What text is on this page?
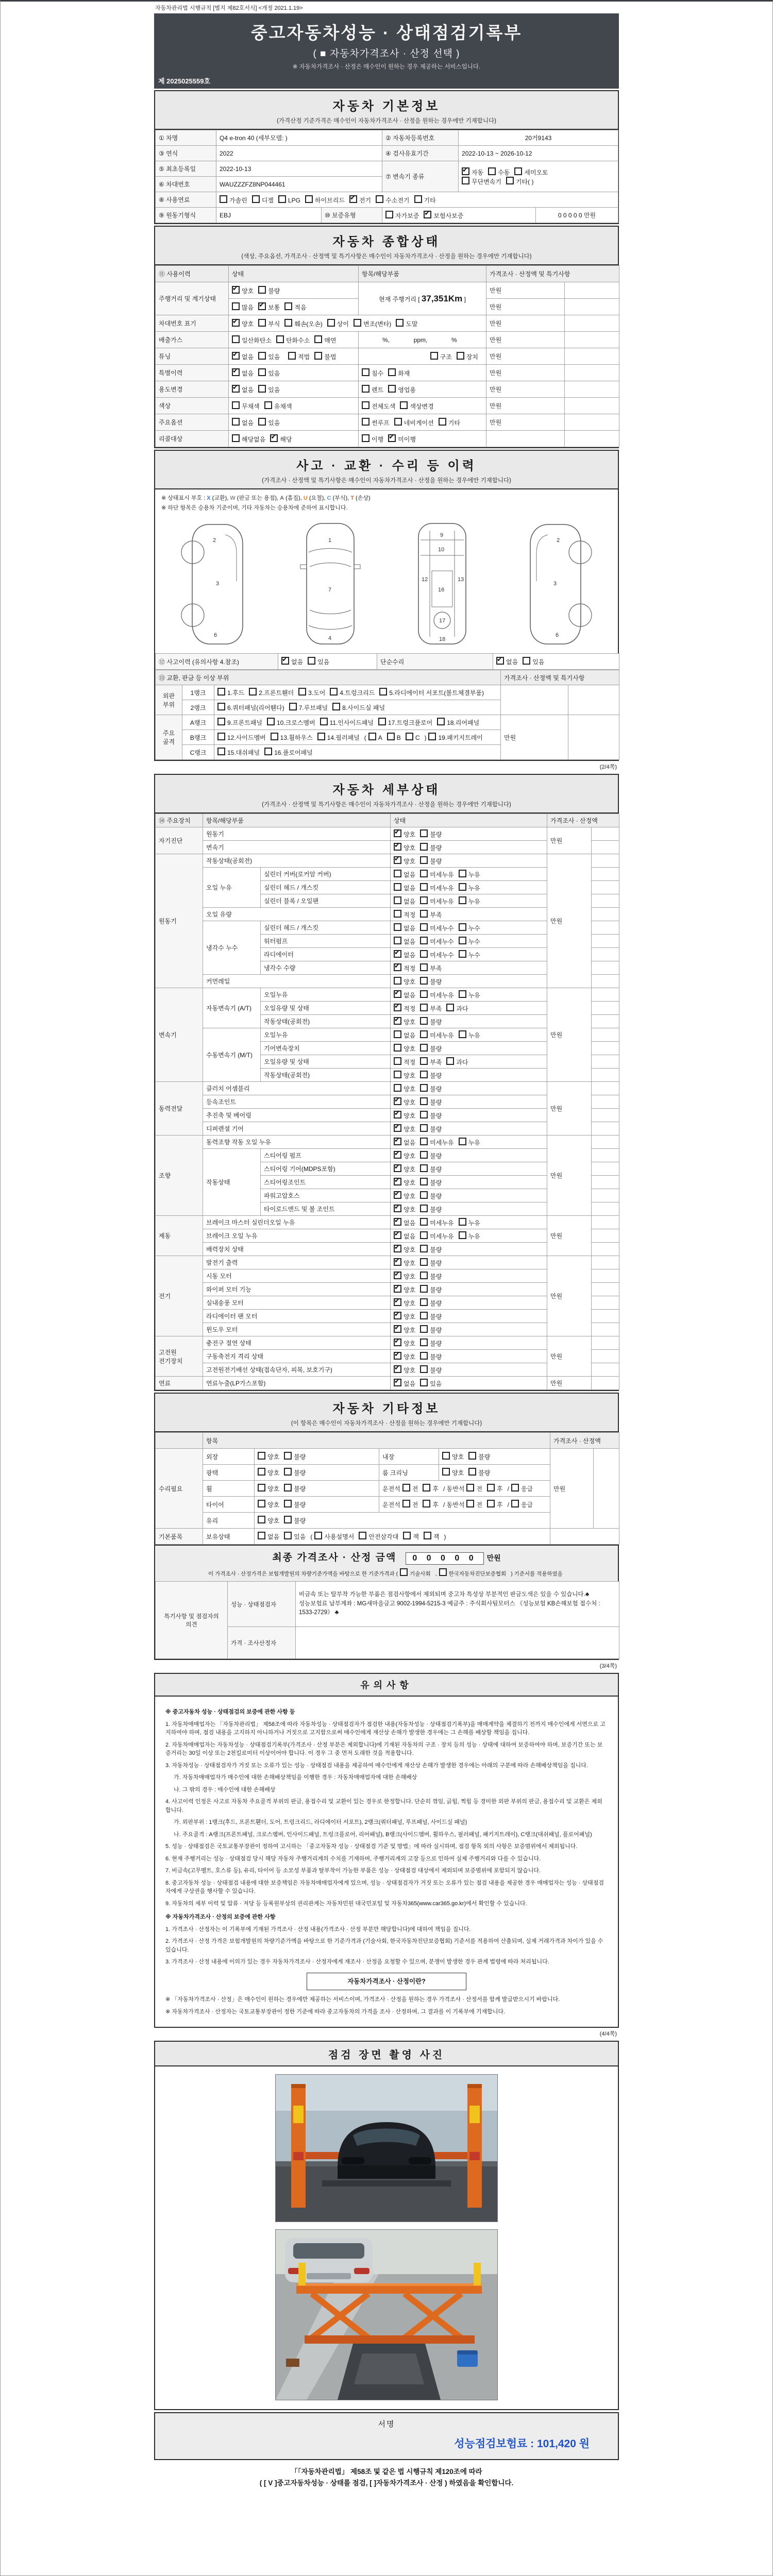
자동차관리법 시행규칙 [별지 제82호서식] <개정 2021.1.19>
중고자동차성능 · 상태점검기록부
( ■ 자동차가격조사 · 산정 선택 )
※ 자동차가격조사 · 산정은 매수인이 원하는 경우 제공하는 서비스입니다.
제 2025025559호
자동차 기본정보
(가격산정 기준가격은 매수인이 자동차가격조사 · 산정을 원하는 경우에만 기재합니다)
① 차명	Q4 e-tron 40 (세부모델: )		② 자동차등록번호	20거9143	
③ 연식	2022		④ 검사유효기간	2022-10-13 ~ 2026-10-12	
⑤ 최초등록일	2022-10-13		⑦ 변속기 종류	
✔자동 수동 세미오토
무단변속기 기타( )

⑥ 차대번호	WAUZZZFZ8NP044461				
⑧ 사용연료	가솔린 디젤 LPG 하이브리드 ✔ 전기 수소전기 기타
⑨ 원동기형식	EBJ	⑩ 보증유형	자가보증 ✔ 보험사보증		0 0 0 0 0 만원
자동차 종합상태
(색상, 주요옵션, 가격조사 · 산정액 및 특기사항은 매수인이 자동차가격조사 · 산정을 원하는 경우에만 기재합니다)
⑪ 사용이력	상태	항목/해당부품	가격조사 · 산정액 및 특기사항	
주행거리 및 계기상태	✔양호 불량	현재 주행거리 [ 37,351Km ]	만원	
	많음 ✔ 보통 적음		만원	
차대번호 표기	✔양호 부식 훼손(오손) 상이 변조(변타) 도말		만원	
배출가스	일산화탄소 탄화수소 매연	%,              ppm,              %	만원	
튜닝	✔없음 있음 적법 불법	구조 장치	만원	
특별이력	✔없음 있음	침수 화재	만원	
용도변경	✔없음 있음	렌트 영업용	만원	
색상	무채색 유채색	전체도색 색상변경	만원	
주요옵션	없음 있음	썬루프 네비게이션 기타	만원	
리콜대상	해당없음 ✔ 해당	이행 ✔ 미이행		
사고 · 교환 · 수리 등 이력
(가격조사 · 산정액 및 특기사항은 매수인이 자동차가격조사 · 산정을 원하는 경우에만 기재합니다)
※ 상태표시 부호 : X (교환), W (판금 또는 용접), A (흠집), U (요철), C (부식), T (손상)
※ 하단 항목은 승용차 기준이며, 기타 자동차는 승용차에 준하여 표시합니다.
2
3
6
1
7
4
9
10
12	13
16
17
18
2
3
6
⑫ 사고이력 (유의사항 4.참조)	✔없음 있음	단순수리	✔없음 있음
⑬ 교환, 판금 등 이상 부위			가격조사 · 산정액 및 특기사항	
외판 부위	1랭크	1.후드 2.프론트휀더 3.도어 4.트렁크리드 5.라디에이터 서포트(볼트체결부품)		
	2랭크	6.쿼터패널(리어휀다) 7.루브패널 8.사이드실 패널		
주요 골격	A랭크	9.프론트패널 10.크로스멤버 11.인사이드패널 17.트렁크플로어 18.리어패널	만원	
	B랭크	12.사이드멤버 13.휠하우스 14.필러패널 ( A B C ) 19.패키지트레이		
	C랭크	15.대쉬패널 16.플로어패널		
(2/4쪽)
자동차 세부상태
(가격조사 · 산정액 및 특기사항은 매수인이 자동차가격조사 · 산정을 원하는 경우에만 기재합니다)
⑭ 주요장치	항목/해당부품		상태	가격조사 · 산정액	
자기진단	원동기	✔양호 불량	만원	
	변속기	✔양호 불량	
원동기	작동상태(공회전)	✔양호 불량	만원	
	오일 누유	실린더 커버(로커암 커버)	없음 미세누유 누유		
		실린더 헤드 / 개스킷	없음 미세누유 누유		
		실린더 블록 / 오일팬	없음 미세누유 누유		
	오일 유량		적정 부족		
	냉각수 누수	실린더 헤드 / 개스킷	없음 미세누수 누수		
		워터펌프	없음 미세누수 누수		
		라디에이터	✔없음 미세누수 누수	
		냉각수 수량	✔적정 부족	
	커먼레일		양호 불량		
변속기	자동변속기 (A/T)	오일누유	✔없음 미세누유 누유	만원	
		오일유량 및 상태	✔적정 부족 과다	
		작동상태(공회전)	✔양호 불량	
	수동변속기 (M/T)	오일누유	없음 미세누유 누유		
		기어변속장치	양호 불량		
		오일유량 및 상태	적정 부족 과다		
		작동상태(공회전)	양호 불량		
동력전달	클러치 어셈블리		양호 불량	만원	
	등속조인트	✔양호 불량	
	추진축 및 베어링	✔양호 불량	
	디퍼렌셜 기어	✔양호 불량	
조향	동력조향 작동 오일 누유	✔없음 미세누유 누유	만원	
	작동상태	스티어링 펌프	✔양호 불량	
		스티어링 기어(MDPS포함)	✔양호 불량	
		스티어링조인트	✔양호 불량	
		파워고압호스	✔양호 불량	
		타이로드엔드 및 볼 조인트	✔양호 불량	
제동	브레이크 마스터 실린더오일 누유	✔없음 미세누유 누유	만원	
	브레이크 오일 누유	✔없음 미세누유 누유	
	배력장치 상태	✔양호 불량	
전기	발전기 출력	✔양호 불량	만원	
	시동 모터	✔양호 불량	
	와이퍼 모터 기능	✔양호 불량	
	실내송풍 모터	✔양호 불량	
	라디에이터 팬 모터	✔양호 불량	
	윈도우 모터	✔양호 불량	
고전원 전기장치	충전구 절연 상태	✔양호 불량	만원	
	구동축전지 격리 상태	✔양호 불량	
	고전원전기배선 상태(접속단자, 피복, 보호기구)	✔양호 불량	
연료	연료누출(LP가스포함)	✔없음 있음	만원	
자동차 기타정보
(이 항목은 매수인이 자동차가격조사 · 산정을 원하는 경우에만 기재합니다)
	항목				가격조사 · 산정액	
수리필요	외장	양호 불량	내장	양호 불량	만원	
	광택	양호 불량	룸 크리닝	양호 불량		
	휠	양호 불량	운전석 전 후/ 동반석 전 후/ 응급			
	타이어	양호 불량	운전석 전 후/ 동반석 전 후/ 응급			
	유리	양호 불량				
기본품목	보유상태	없음 있음 ( 사용설명서 안전삼각대 잭 잭 )				
최종 가격조사 · 산정 금액 0 0 0 0 0 만원
이 가격조사 · 산정가격은 보험개발원의 차량기준가액을 바탕으로 한 기준가격과 ( 기술사회 ,한국자동차진단보증협회 ) 기준서를 적용하였음
특기사항 및 점검자의 의견	성능 · 상태점검자	비금속 또는 탈부착 가능한 부품은 점검사항에서 제외되며 중고차 특성상 부분적인 판금도색은 있을 수 있습니다.♣ 성능보험료 납부계좌 : MG새마을금고 9002-1994-5215-3 예금주 : 주식회사팀모터스 《성능보험 KB손해보험 접수처 : 1533-2729》 ♣
	가격 · 조사산정자	
(3/4쪽)
유의사항
※ 중고자동차 성능 · 상태점검의 보증에 관한 사항 등
1. 자동차매매업자는 「자동차관리법」 제58조에 따라 자동차성능 · 상태점검자가 점검한 내용(자동차성능 · 상태점검기록부)을 매매계약을 체결하기 전까지 매수인에게 서면으로 고지하여야 하며, 점검 내용을 고지하지 아니하거나 거짓으로 고지함으로써 매수인에게 재산상 손해가 발생한 경우에는 그 손해를 배상할 책임을 집니다.
2. 자동차매매업자는 자동차성능 · 상태점검기록부(가격조사 · 산정 부분은 제외합니다)에 기재된 자동차의 구조 · 장치 등의 성능 · 상태에 대하여 보증하여야 하며, 보증기간 또는 보증거리는 30일 이상 또는 2천킬로미터 이상이어야 합니다. 이 경우 그 중 먼저 도래한 것을 적용합니다.
3. 자동차성능 · 상태점검자가 거짓 또는 오류가 있는 성능 · 상태점검 내용을 제공하여 매수인에게 재산상 손해가 발생한 경우에는 아래의 구분에 따라 손해배상책임을 집니다.
가. 자동차매매업자가 매수인에 대한 손해배상책임을 이행한 경우 : 자동차매매업자에 대한 손해배상
나. 그 밖의 경우 : 매수인에 대한 손해배상
4. 사고이력 인정은 사고로 자동차 주요골격 부위의 판금, 용접수리 및 교환이 있는 경우로 한정합니다. 단순히 꺾임, 긁힘, 찍힘 등 경미한 외판 부위의 판금, 용접수리 및 교환은 제외합니다.
가. 외판부위 : 1랭크(후드, 프론트휀더, 도어, 트렁크리드, 라디에이터 서포트), 2랭크(쿼터패널, 루프패널, 사이드실 패널)
나. 주요골격 : A랭크(프론트패널, 크로스멤버, 인사이드패널, 트렁크플로어, 리어패널), B랭크(사이드멤버, 휠하우스, 필러패널, 패키지트레이), C랭크(대쉬패널, 플로어패널)
5. 성능 · 상태점검은 국토교통부장관이 정하여 고시하는 「중고자동차 성능 · 상태점검 기준 및 방법」에 따라 실시하며, 점검 항목 외의 사항은 보증범위에서 제외됩니다.
6. 현재 주행거리는 성능 · 상태점검 당시 해당 자동차 주행거리계의 수치를 기재하며, 주행거리계의 고장 등으로 인하여 실제 주행거리와 다를 수 있습니다.
7. 비금속(고무벨트, 호스류 등), 유리, 타이어 등 소모성 부품과 탈부착이 가능한 부품은 성능 · 상태점검 대상에서 제외되며 보증범위에 포함되지 않습니다.
8. 중고자동차 성능 · 상태점검 내용에 대한 보증책임은 자동차매매업자에게 있으며, 성능 · 상태점검자가 거짓 또는 오류가 있는 점검 내용을 제공한 경우 매매업자는 성능 · 상태점검자에게 구상권을 행사할 수 있습니다.
9. 자동차의 세부 이력 및 압류 · 저당 등 등록원부상의 권리관계는 자동차민원 대국민포털 및 자동차365(www.car365.go.kr)에서 확인할 수 있습니다.
※ 자동차가격조사 · 산정의 보증에 관한 사항
1. 가격조사 · 산정자는 이 기록부에 기재된 가격조사 · 산정 내용(가격조사 · 산정 부분만 해당합니다)에 대하여 책임을 집니다.
2. 가격조사 · 산정 가격은 보험개발원의 차량기준가액을 바탕으로 한 기준가격과 (기술사회, 한국자동차진단보증협회) 기준서를 적용하여 산출되며, 실제 거래가격과 차이가 있을 수 있습니다.
3. 가격조사 · 산정 내용에 이의가 있는 경우 자동차가격조사 · 산정자에게 재조사 · 산정을 요청할 수 있으며, 분쟁이 발생한 경우 관계 법령에 따라 처리됩니다.
자동차가격조사 · 산정이란?
※ 「자동차가격조사 · 산정」은 매수인이 원하는 경우에만 제공하는 서비스이며, 가격조사 · 산정을 원하는 경우 가격조사 · 산정서를 함께 발급받으시기 바랍니다.
※ 자동차가격조사 · 산정자는 국토교통부장관이 정한 기준에 따라 중고자동차의 가격을 조사 · 산정하며, 그 결과를 이 기록부에 기재합니다.
(4/4쪽)
점검 장면 촬영 사진
서명
성능점검보험료 : 101,420 원
「「자동차관리법」 제58조 및 같은 법 시행규칙 제120조에 따라
( [ V ]중고자동차성능 · 상태를 점검, [ ]자동차가격조사 · 산정 ) 하였음을 확인합니다.
